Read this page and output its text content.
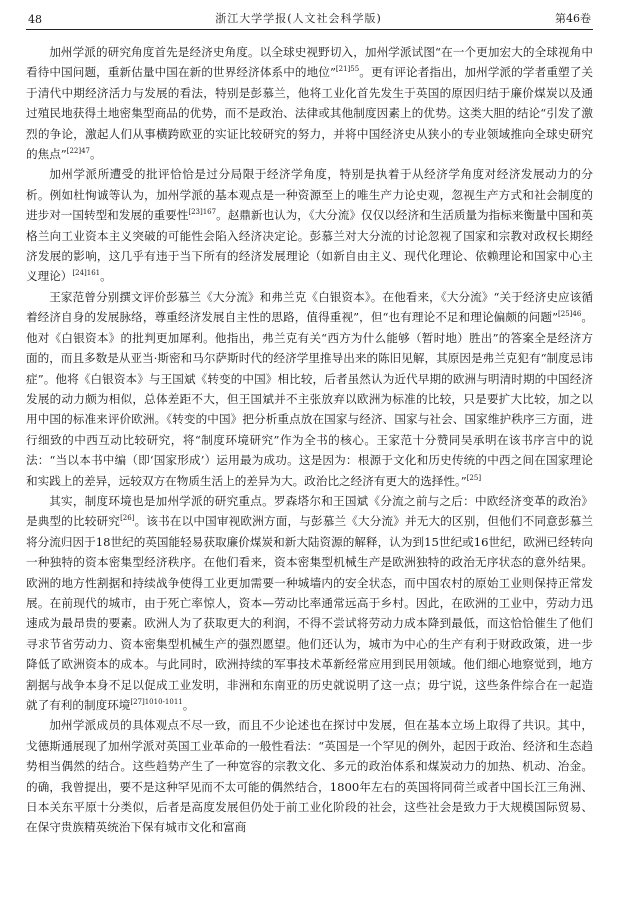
48	浙江大学学报(人文社会科学版)	第46卷

加州学派的研究角度首先是经济史角度。以全球史视野切入，加州学派试图“在一个更加宏大的全球视角中看待中国问题，重新估量中国在新的世界经济体系中的地位”$^{[21]55}$。更有评论者指出，加州学派的学者重塑了关于清代中期经济活力与发展的看法，特别是彭慕兰，他将工业化首先发生于英国的原因归结于廉价煤炭以及通过殖民地获得土地密集型商品的优势，而不是政治、法律或其他制度因素上的优势。这类大胆的结论“引发了激烈的争论，激起人们从事横跨欧亚的实证比较研究的努力，并将中国经济史从狭小的专业领域推向全球史研究的焦点”$^{[22]47}$。

加州学派所遭受的批评恰恰是过分局限于经济学角度，特别是执着于从经济学角度对经济发展动力的分析。例如杜恂诚等认为，加州学派的基本观点是一种资源至上的唯生产力论史观，忽视生产方式和社会制度的进步对一国转型和发展的重要性$^{[23]167}$。赵鼎新也认为，《大分流》仅仅以经济和生活质量为指标来衡量中国和英格兰向工业资本主义突破的可能性会陷入经济决定论。彭慕兰对大分流的讨论忽视了国家和宗教对政权长期经济发展的影响，这几乎有违于当下所有的经济发展理论（如新自由主义、现代化理论、依赖理论和国家中心主义理论）$^{[24]161}$。

王家范曾分别撰文评价彭慕兰《大分流》和弗兰克《白银资本》。在他看来，《大分流》“关于经济史应该循着经济自身的发展脉络，尊重经济发展自主性的思路，值得重视”，但“也有理论不足和理论偏颇的问题”$^{[25]46}$。他对《白银资本》的批判更加犀利。他指出，弗兰克有关“西方为什么能够（暂时地）胜出”的答案全是经济方面的，而且多数是从亚当·斯密和马尔萨斯时代的经济学里推导出来的陈旧见解，其原因是弗兰克犯有“制度忌讳症”。他将《白银资本》与王国斌《转变的中国》相比较，后者虽然认为近代早期的欧洲与明清时期的中国经济发展的动力颇为相似，总体差距不大，但王国斌并不主张放弃以欧洲为标准的比较，只是要扩大比较，加之以用中国的标准来评价欧洲。《转变的中国》把分析重点放在国家与经济、国家与社会、国家维护秩序三方面，进行细致的中西互动比较研究，将“制度环境研究”作为全书的核心。王家范十分赞同吴承明在该书序言中的说法：“当以本书中编（即‘国家形成’）运用最为成功。这是因为：根源于文化和历史传统的中西之间在国家理论和实践上的差异，远较双方在物质生活上的差异为大。政治比之经济有更大的选择性。”[25]

其实，制度环境也是加州学派的研究重点。罗森塔尔和王国斌《分流之前与之后：中欧经济变革的政治》是典型的比较研究[26]。该书在以中国审视欧洲方面，与彭慕兰《大分流》并无大的区别，但他们不同意彭慕兰将分流归因于18世纪的英国能轻易获取廉价煤炭和新大陆资源的解释，认为到15世纪或16世纪，欧洲已经转向一种独特的资本密集型经济秩序。在他们看来，资本密集型机械生产是欧洲独特的政治无序状态的意外结果。欧洲的地方性割据和持续战争使得工业更加需要一种城墙内的安全状态，而中国农村的原始工业则保持正常发展。在前现代的城市，由于死亡率惊人，资本—劳动比率通常远高于乡村。因此，在欧洲的工业中，劳动力迅速成为最昂贵的要素。欧洲人为了获取更大的利润，不得不尝试将劳动力成本降到最低，而这恰恰催生了他们寻求节省劳动力、资本密集型机械生产的强烈愿望。他们还认为，城市为中心的生产有利于财政政策，进一步降低了欧洲资本的成本。与此同时，欧洲持续的军事技术革新经常应用到民用领域。他们细心地察觉到，地方割据与战争本身不足以促成工业发明，非洲和东南亚的历史就说明了这一点；毋宁说，这些条件综合在一起造就了有利的制度环境$^{[27]1010-1011}$。

加州学派成员的具体观点不尽一致，而且不少论述也在探讨中发展，但在基本立场上取得了共识。其中，戈德斯通展现了加州学派对英国工业革命的一般性看法：“英国是一个罕见的例外，起因于政治、经济和生态趋势相当偶然的结合。这些趋势产生了一种宽容的宗教文化、多元的政治体系和煤炭动力的加热、机动、冶金。的确，我曾提出，要不是这种罕见而不太可能的偶然结合，1800年左右的英国将同荷兰或者中国长江三角洲、日本关东平原十分类似，后者是高度发展但仍处于前工业化阶段的社会，这些社会是致力于大规模国际贸易、在保守贵族精英统治下保有城市文化和富商
